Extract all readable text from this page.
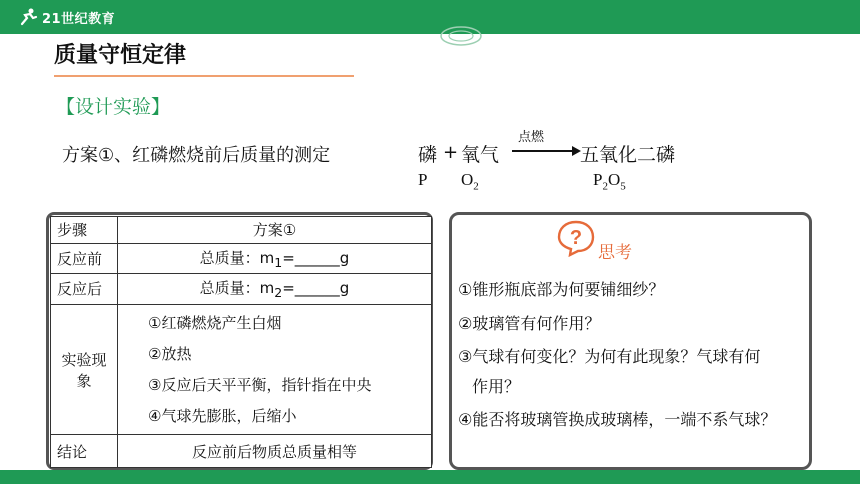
21世纪教育
质量守恒定律
【设计实验】
方案①、红磷燃烧前后质量的测定	磷 + 氧气
点燃
五氧化二磷
P $O_2$	$P_2O_5$
步骤	方案①
反应前	总质量：$m_1=\_\_\_\_\_\_g$
反应后	总质量：$m_2=\_\_\_\_\_\_g$
实验现象	①红磷燃烧产生白烟
②放热
③反应后天平平衡，指针指在中央
④气球先膨胀，后缩小

结论	反应前后物质总质量相等
?
思考
①锥形瓶底部为何要铺细纱？
②玻璃管有何作用？
③气球有何变化？为何有此现象？气球有何
作用？
④能否将玻璃管换成玻璃棒，一端不系气球？
